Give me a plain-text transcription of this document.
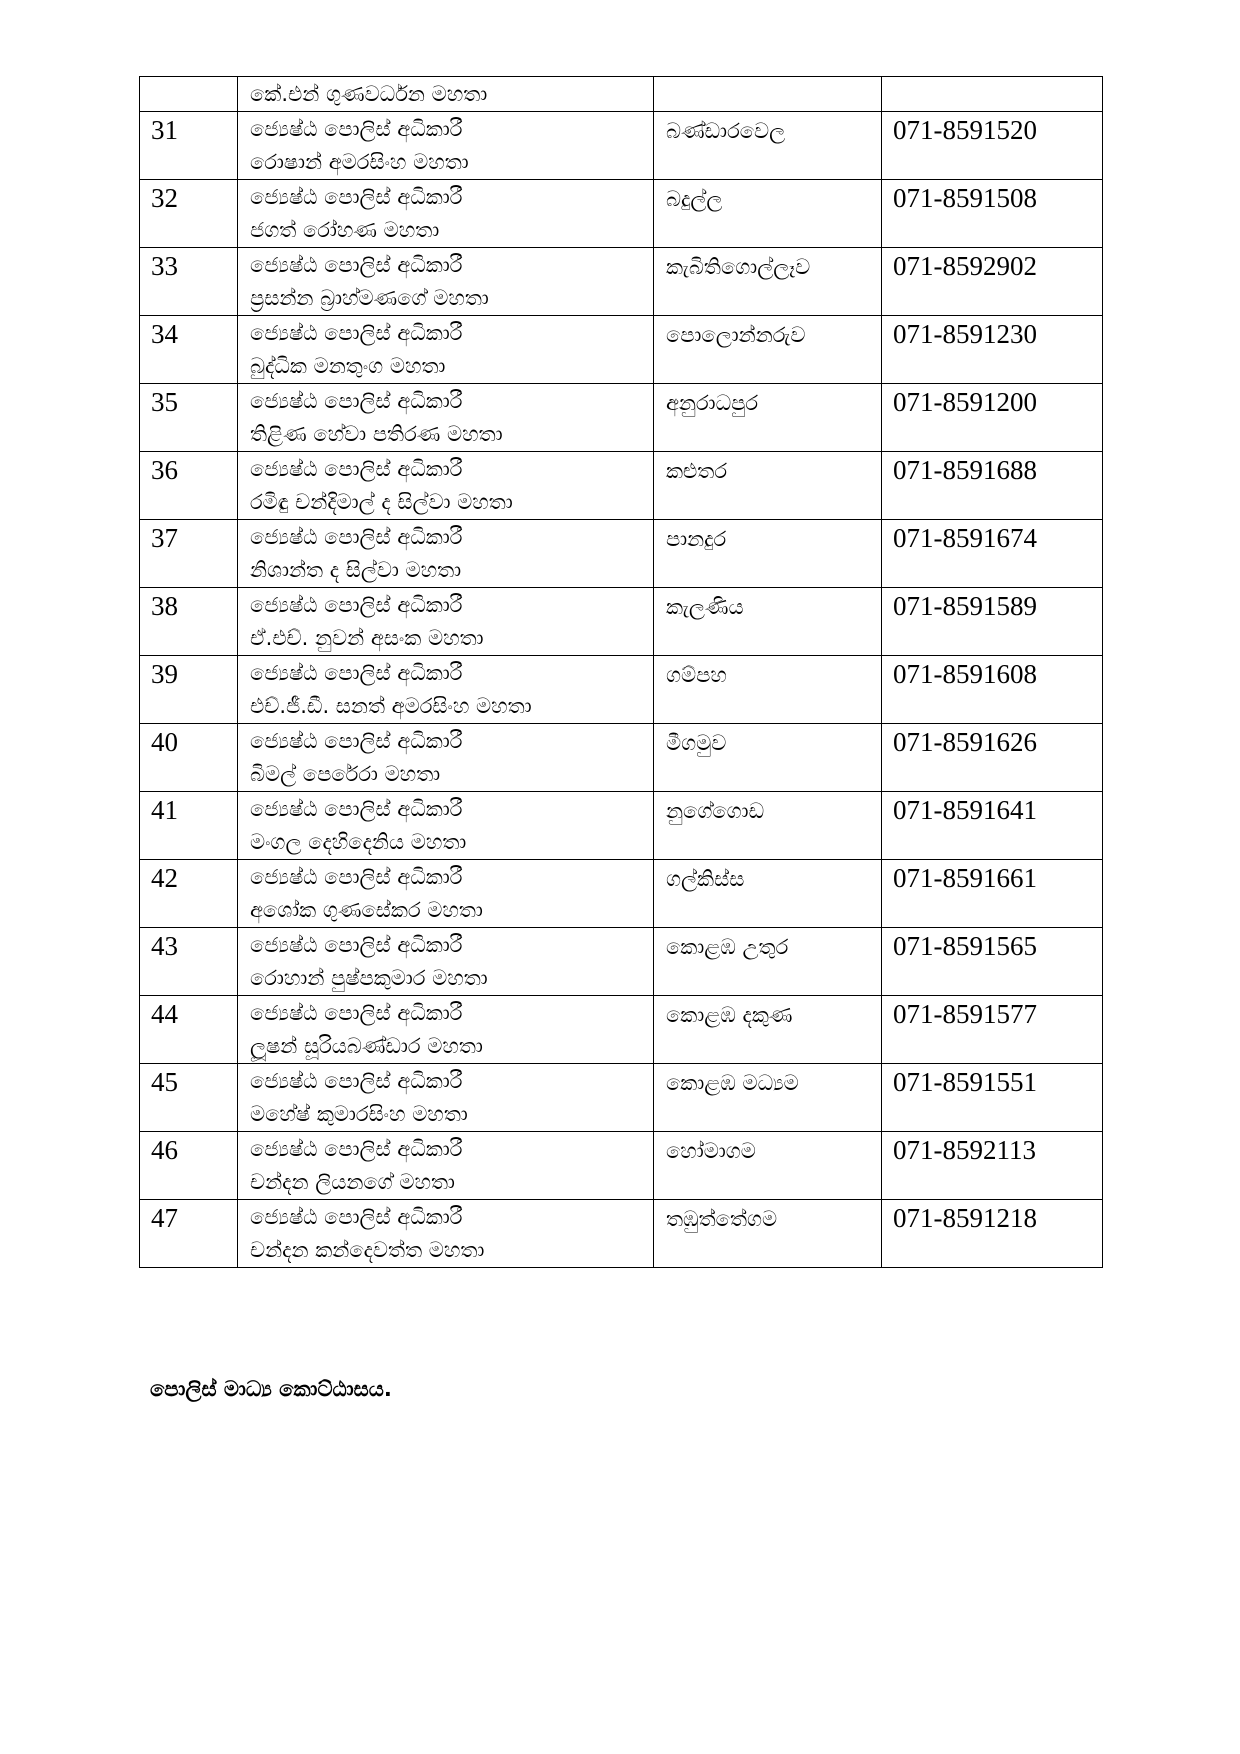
	කේ.එන් ගුණවර්ධන මහතා		

31	ජ්‍යෙෂ්ඨ පොලිස් අධිකාරී
රොෂාන් අමරසිංහ මහතා	බණ්ඩාරවෙල	071-8591520

32	ජ්‍යෙෂ්ඨ පොලිස් අධිකාරී
ජගත් රෝහණ මහතා	බදුල්ල	071-8591508

33	ජ්‍යෙෂ්ඨ පොලිස් අධිකාරී
ප්‍රසන්න බ්‍රාහ්මණගේ මහතා	කැබිතිගොල්ලෑව	071-8592902

34	ජ්‍යෙෂ්ඨ පොලිස් අධිකාරී
බුද්ධික මනතුංග මහතා	පොලොන්නරුව	071-8591230

35	ජ්‍යෙෂ්ඨ පොලිස් අධිකාරී
තිළිණ හේවා පතිරණ මහතා	අනුරාධපුර	071-8591200

36	ජ්‍යෙෂ්ඨ පොලිස් අධිකාරී
රමිඳු චන්දිමාල් ද සිල්වා මහතා	කළුතර	071-8591688

37	ජ්‍යෙෂ්ඨ පොලිස් අධිකාරී
නිශාන්ත ද සිල්වා මහතා	පානදුර	071-8591674

38	ජ්‍යෙෂ්ඨ පොලිස් අධිකාරී
ඒ.එච්. නුවන් අසංක මහතා	කැලණිය	071-8591589

39	ජ්‍යෙෂ්ඨ පොලිස් අධිකාරී
එච්.ජී.ඩී. සනත් අමරසිංහ මහතා	ගම්පහ	071-8591608

40	ජ්‍යෙෂ්ඨ පොලිස් අධිකාරී
බිමල් පෙරේරා මහතා	මීගමුව	071-8591626

41	ජ්‍යෙෂ්ඨ පොලිස් අධිකාරී
මංගල දෙහිදෙනිය මහතා	නුගේගොඩ	071-8591641

42	ජ්‍යෙෂ්ඨ පොලිස් අධිකාරී
අශෝක ගුණසේකර මහතා	ගල්කිස්ස	071-8591661

43	ජ්‍යෙෂ්ඨ පොලිස් අධිකාරී
රොහාන් පුෂ්පකුමාර මහතා	කොළඹ උතුර	071-8591565

44	ජ්‍යෙෂ්ඨ පොලිස් අධිකාරී
ලූෂන් සූරියබණ්ඩාර මහතා	කොළඹ දකුණ	071-8591577

45	ජ්‍යෙෂ්ඨ පොලිස් අධිකාරී
මහේෂ් කුමාරසිංහ මහතා	කොළඹ මධ්‍යම	071-8591551

46	ජ්‍යෙෂ්ඨ පොලිස් අධිකාරී
චන්දන ලියනගේ මහතා	හෝමාගම	071-8592113

47	ජ්‍යෙෂ්ඨ පොලිස් අධිකාරී
චන්දන කන්දෙවත්ත මහතා	තඹුත්තේගම	071-8591218
පොලිස් මාධ්‍ය කොට්ඨාසය.
